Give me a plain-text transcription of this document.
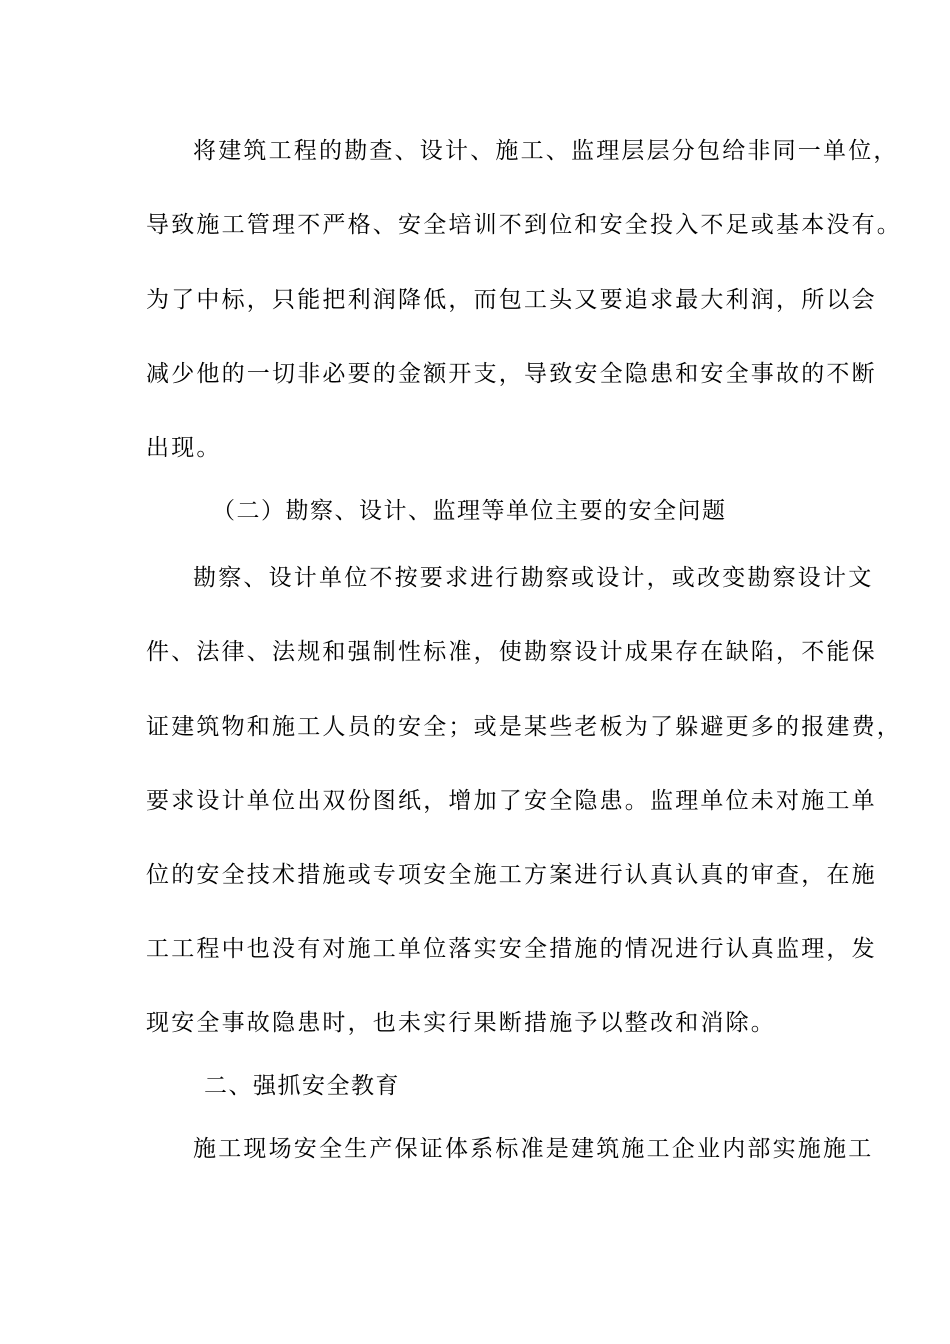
将建筑工程的勘查、设计、施工、监理层层分包给非同一单位，
导致施工管理不严格、安全培训不到位和安全投入不足或基本没有。
为了中标，只能把利润降低，而包工头又要追求最大利润，所以会
减少他的一切非必要的金额开支，导致安全隐患和安全事故的不断
出现。
（二）勘察、设计、监理等单位主要的安全问题
勘察、设计单位不按要求进行勘察或设计，或改变勘察设计文
件、法律、法规和强制性标准，使勘察设计成果存在缺陷，不能保
证建筑物和施工人员的安全；或是某些老板为了躲避更多的报建费，
要求设计单位出双份图纸，增加了安全隐患。监理单位未对施工单
位的安全技术措施或专项安全施工方案进行认真认真的审查，在施
工工程中也没有对施工单位落实安全措施的情况进行认真监理，发
现安全事故隐患时，也未实行果断措施予以整改和消除。
二、强抓安全教育
施工现场安全生产保证体系标准是建筑施工企业内部实施施工
